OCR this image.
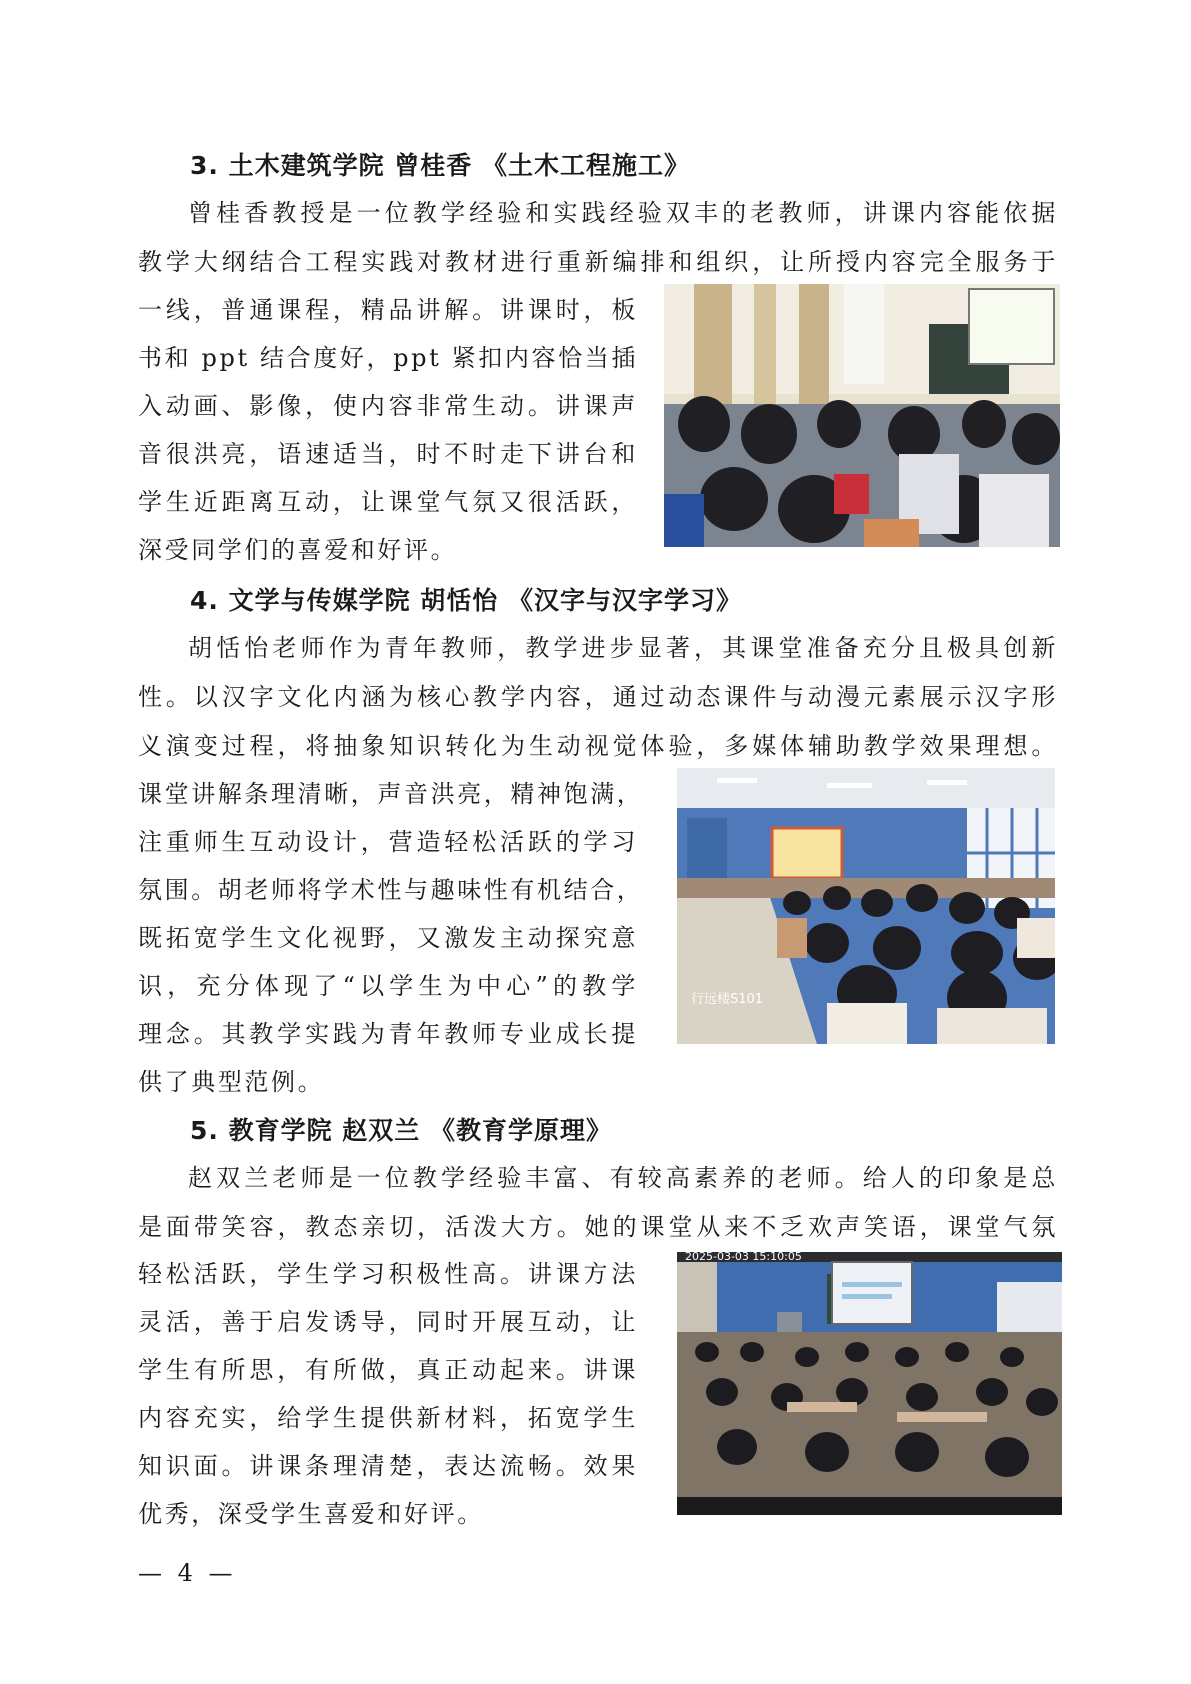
3. 土木建筑学院 曾桂香 《土木工程施工》
曾桂香教授是一位教学经验和实践经验双丰的老教师，讲课内容能依据
教学大纲结合工程实践对教材进行重新编排和组织，让所授内容完全服务于
一线，普通课程，精品讲解。讲课时，板
书和 ppt 结合度好，ppt 紧扣内容恰当插
入动画、影像，使内容非常生动。讲课声
音很洪亮，语速适当，时不时走下讲台和
学生近距离互动，让课堂气氛又很活跃，
深受同学们的喜爱和好评。
4. 文学与传媒学院 胡恬怡 《汉字与汉字学习》
胡恬怡老师作为青年教师，教学进步显著，其课堂准备充分且极具创新
性。以汉字文化内涵为核心教学内容，通过动态课件与动漫元素展示汉字形
义演变过程，将抽象知识转化为生动视觉体验，多媒体辅助教学效果理想。
课堂讲解条理清晰，声音洪亮，精神饱满，
注重师生互动设计，营造轻松活跃的学习
氛围。胡老师将学术性与趣味性有机结合，
既拓宽学生文化视野，又激发主动探究意
识，充分体现了“以学生为中心”的教学
理念。其教学实践为青年教师专业成长提
供了典型范例。
行远楼S101
5. 教育学院 赵双兰 《教育学原理》
赵双兰老师是一位教学经验丰富、有较高素养的老师。给人的印象是总
是面带笑容，教态亲切，活泼大方。她的课堂从来不乏欢声笑语，课堂气氛
轻松活跃，学生学习积极性高。讲课方法
灵活，善于启发诱导，同时开展互动，让
学生有所思，有所做，真正动起来。讲课
内容充实，给学生提供新材料，拓宽学生
知识面。讲课条理清楚，表达流畅。效果
优秀，深受学生喜爱和好评。
2025-03-03 15:10:05
— 4 —
